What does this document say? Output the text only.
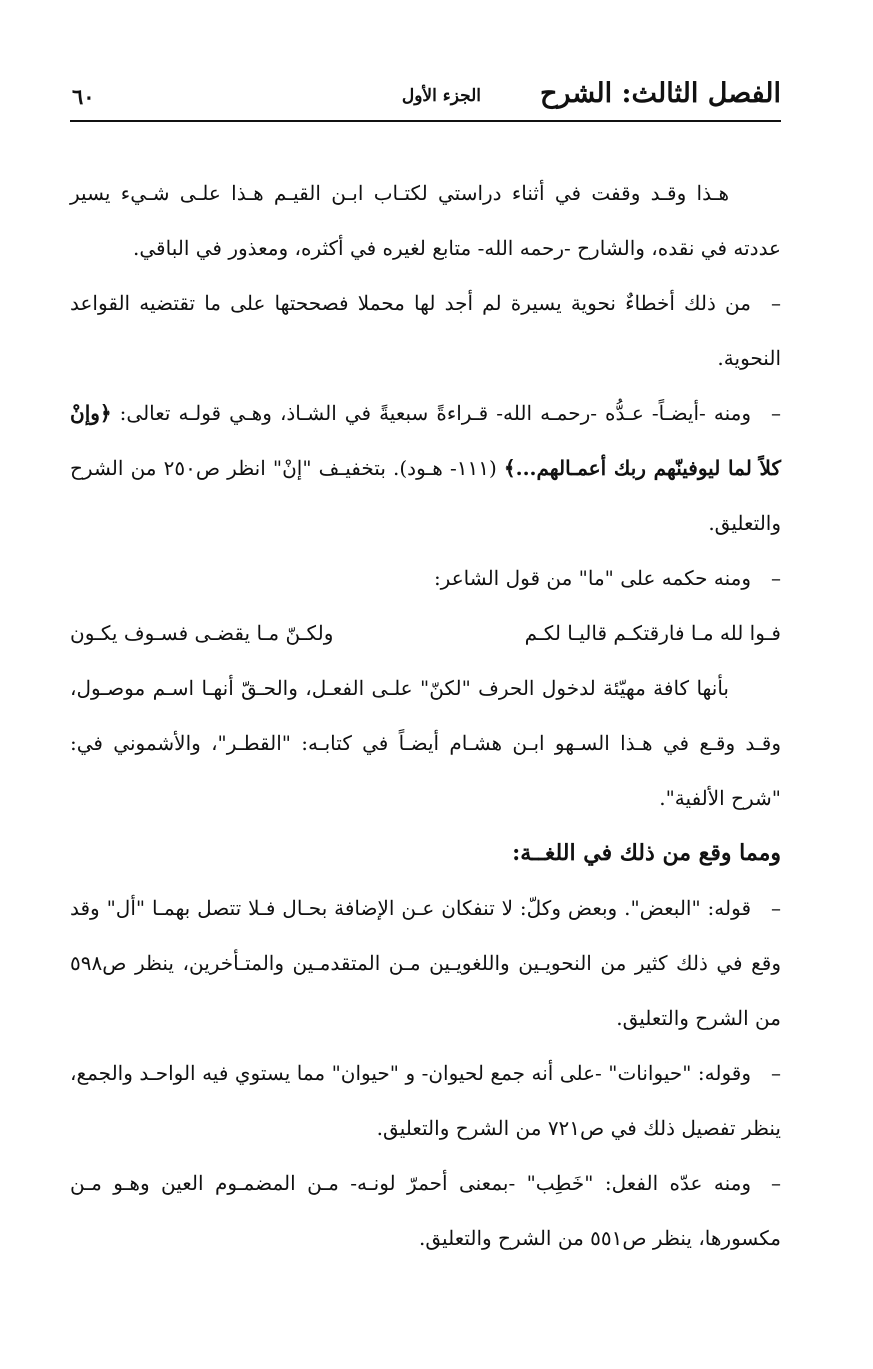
الفصل الثالث: الشرح
الجزء الأول
٦٠

هـذا وقـد وقفت في أثناء دراستي لكتـاب ابـن القيـم هـذا علـى شـيء يسير عددته في نقده، والشارح -رحمه الله- متابع لغيره في أكثره، ومعذور في الباقي.

–من ذلك أخطاءٌ نحوية يسيرة لم أجد لها محملا فصححتها على ما تقتضيه القواعد النحوية.

–ومنه -أيضـاً- عـدُّه -رحمـه الله- قـراءةً سبعيةً في الشـاذ، وهـي قولـه تعالى: ﴿وإنْ كلاً لما ليوفينّهم ربك أعمـالهم...﴾ (١١١- هـود). بتخفيـف "إنْ" انظر ص٢٥٠ من الشرح والتعليق.

–ومنه حكمه على "ما" من قول الشاعر:

فـوا لله مـا فارقتكـم قاليـا لكـم
ولكـنّ مـا يقضـى فسـوف يكـون

بأنها كافة مهيّئة لدخول الحرف "لكنّ" علـى الفعـل، والحـقّ أنهـا اسـم موصـول، وقـد وقـع في هـذا السـهو ابـن هشـام أيضـاً في كتابـه: "القطـر"، والأشموني في: "شرح الألفية".

ومما وقع من ذلك في اللغــة:

–قوله: "البعض". وبعض وكلّ: لا تنفكان عـن الإضافة بحـال فـلا تتصل بهمـا "أل" وقد وقع في ذلك كثير من النحويـين واللغويـين مـن المتقدمـين والمتـأخرين، ينظر ص٥٩٨ من الشرح والتعليق.

–وقوله: "حيوانات" -على أنه جمع لحيوان- و "حيوان" مما يستوي فيه الواحـد والجمع، ينظر تفصيل ذلك في ص٧٢١ من الشرح والتعليق.

–ومنه عدّه الفعل: "خَطِب" -بمعنى أحمرّ لونـه- مـن المضمـوم العين وهـو مـن مكسورها، ينظر ص٥٥١ من الشرح والتعليق.
